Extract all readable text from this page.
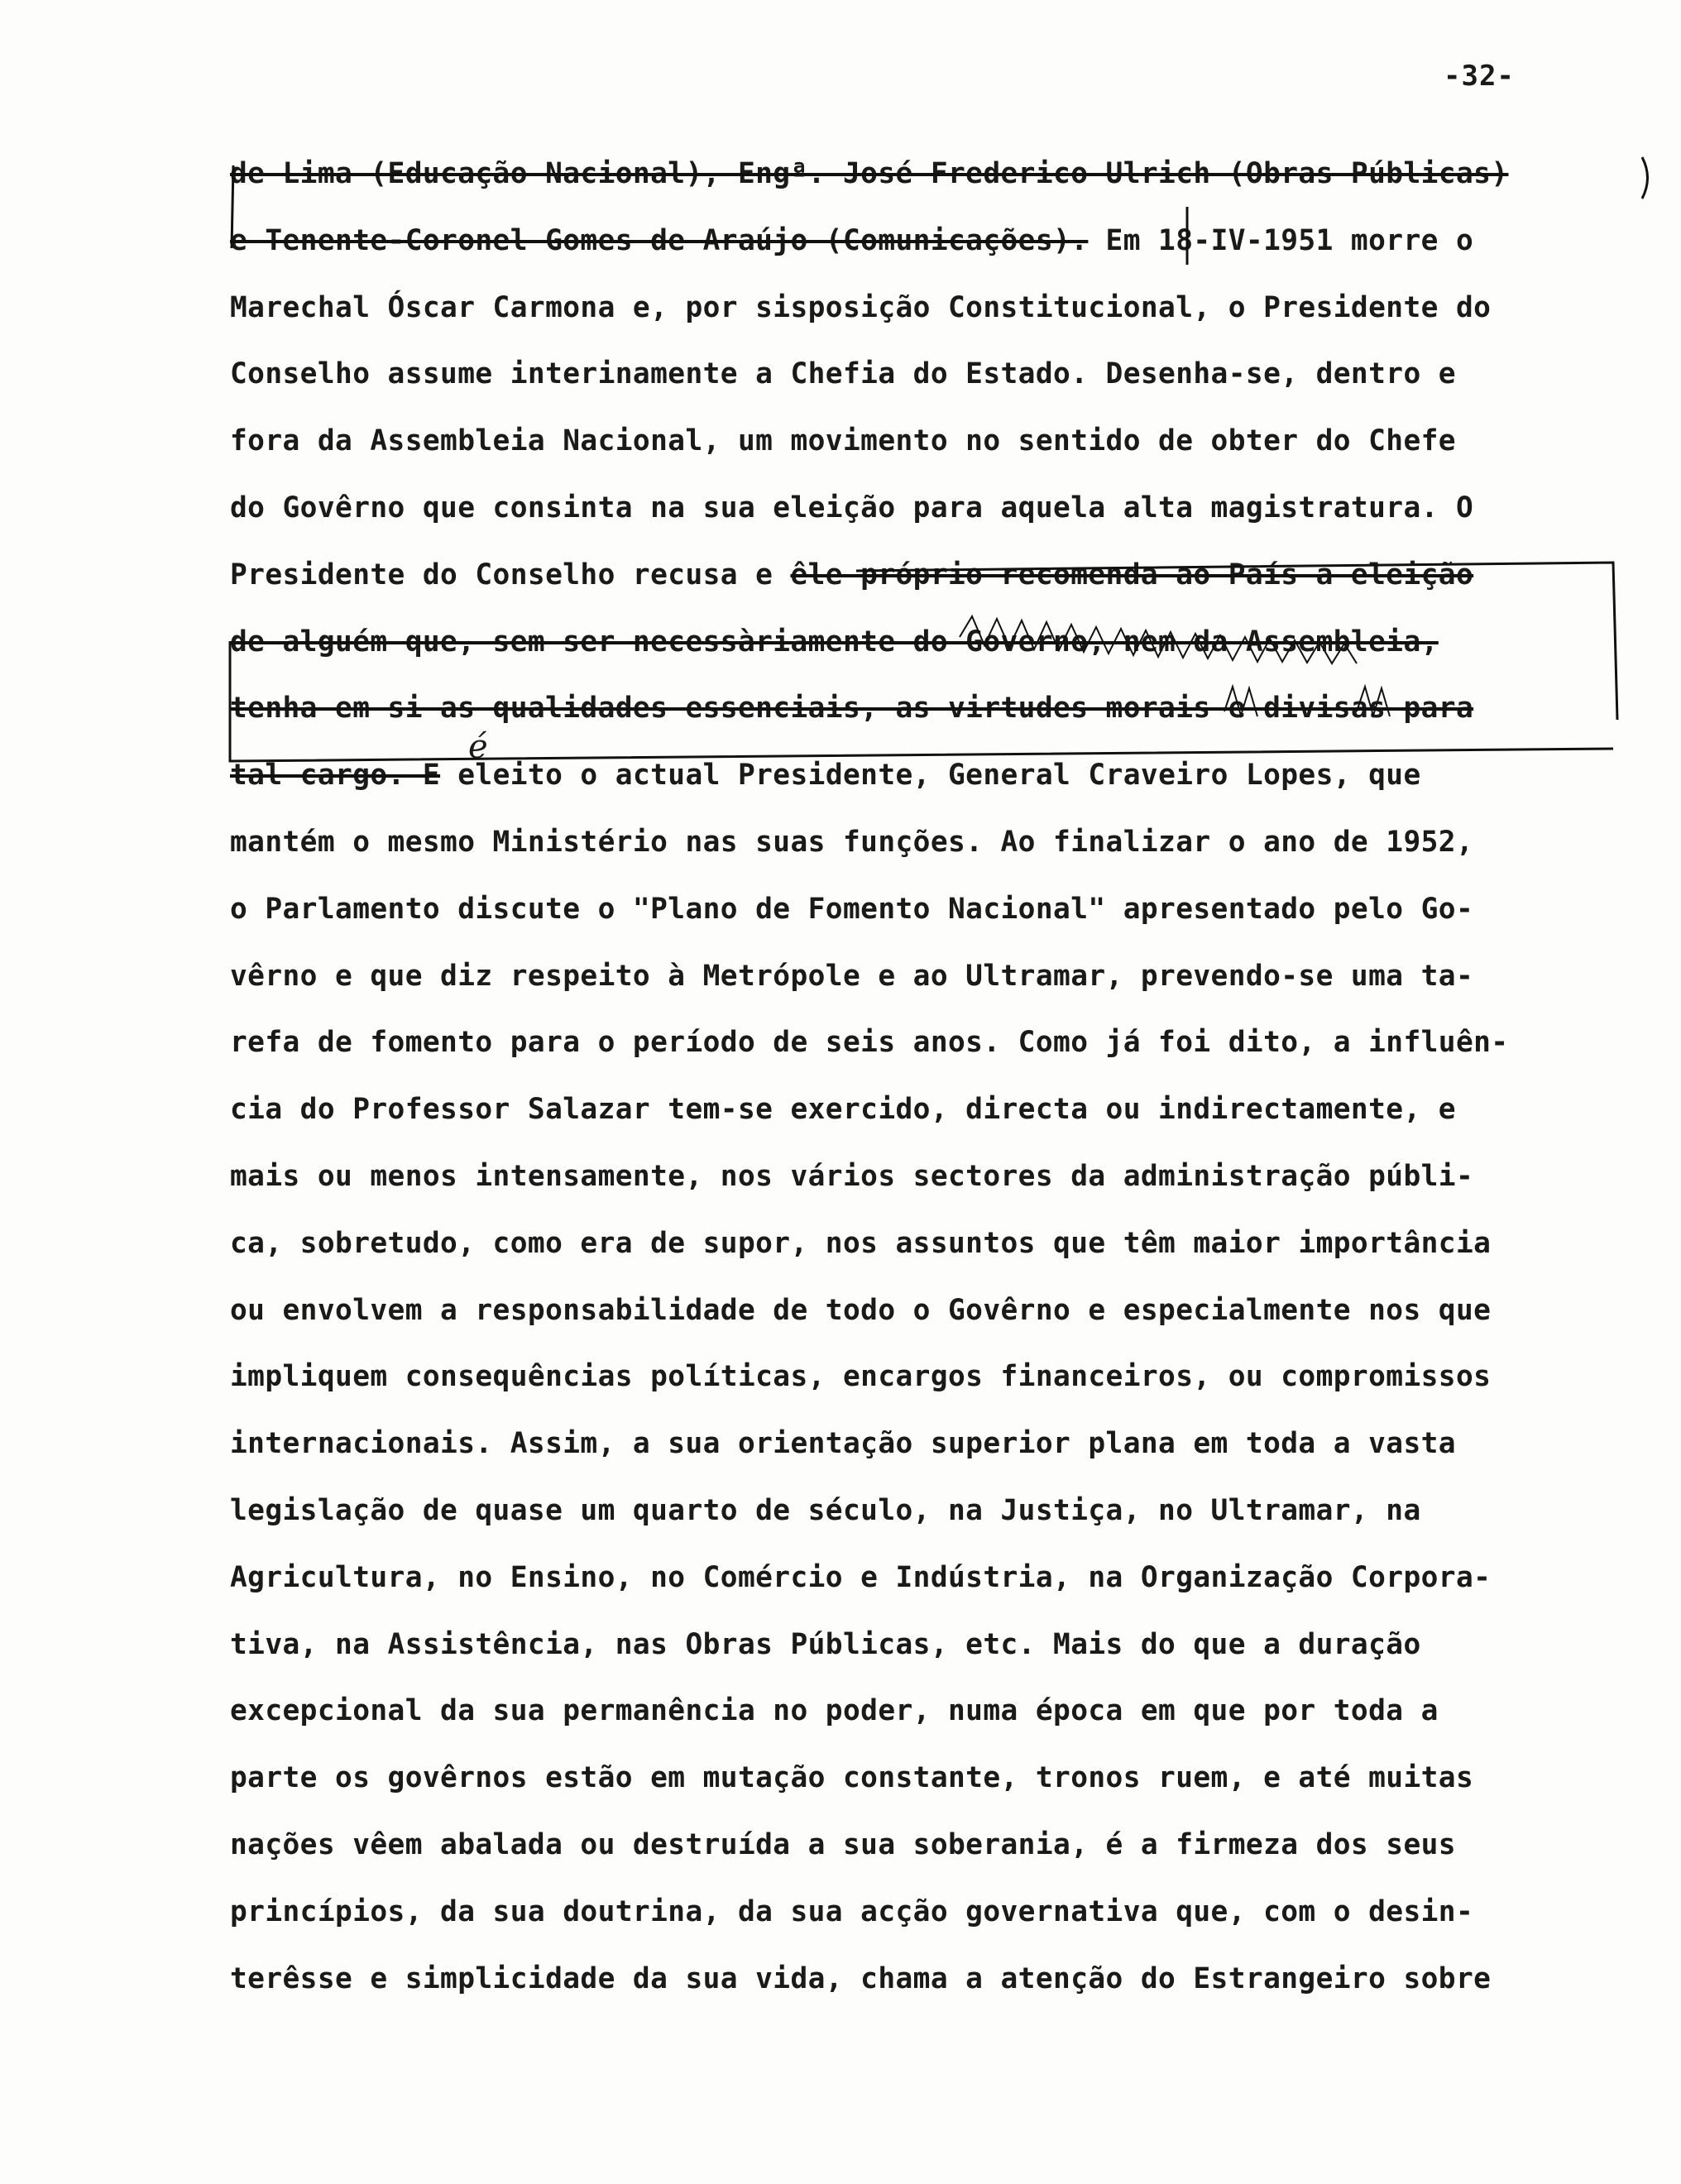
-32-
de Lima (Educação Nacional), Engª. José Frederico Ulrich (Obras Públicas)
e Tenente-Coronel Gomes de Araújo (Comunicações). Em 18-IV-1951 morre o
Marechal Óscar Carmona e, por sisposição Constitucional, o Presidente do
Conselho assume interinamente a Chefia do Estado. Desenha-se, dentro e
fora da Assembleia Nacional, um movimento no sentido de obter do Chefe
do Govêrno que consinta na sua eleição para aquela alta magistratura. O
Presidente do Conselho recusa e êle próprio recomenda ao País a eleição
de alguém que, sem ser necessàriamente do Governo, nem da Assembleia,
tenha em si as qualidades essenciais, as virtudes morais e divisas para
tal cargo. E eleito o actual Presidente, General Craveiro Lopes, que
mantém o mesmo Ministério nas suas funções. Ao finalizar o ano de 1952,
o Parlamento discute o "Plano de Fomento Nacional" apresentado pelo Go-
vêrno e que diz respeito à Metrópole e ao Ultramar, prevendo-se uma ta-
refa de fomento para o período de seis anos. Como já foi dito, a influên-
cia do Professor Salazar tem-se exercido, directa ou indirectamente, e
mais ou menos intensamente, nos vários sectores da administração públi-
ca, sobretudo, como era de supor, nos assuntos que têm maior importância
ou envolvem a responsabilidade de todo o Govêrno e especialmente nos que
impliquem consequências políticas, encargos financeiros, ou compromissos
internacionais. Assim, a sua orientação superior plana em toda a vasta
legislação de quase um quarto de século, na Justiça, no Ultramar, na
Agricultura, no Ensino, no Comércio e Indústria, na Organização Corpora-
tiva, na Assistência, nas Obras Públicas, etc. Mais do que a duração
excepcional da sua permanência no poder, numa época em que por toda a
parte os govêrnos estão em mutação constante, tronos ruem, e até muitas
nações vêem abalada ou destruída a sua soberania, é a firmeza dos seus
princípios, da sua doutrina, da sua acção governativa que, com o desin-
terêsse e simplicidade da sua vida, chama a atenção do Estrangeiro sobre
é
